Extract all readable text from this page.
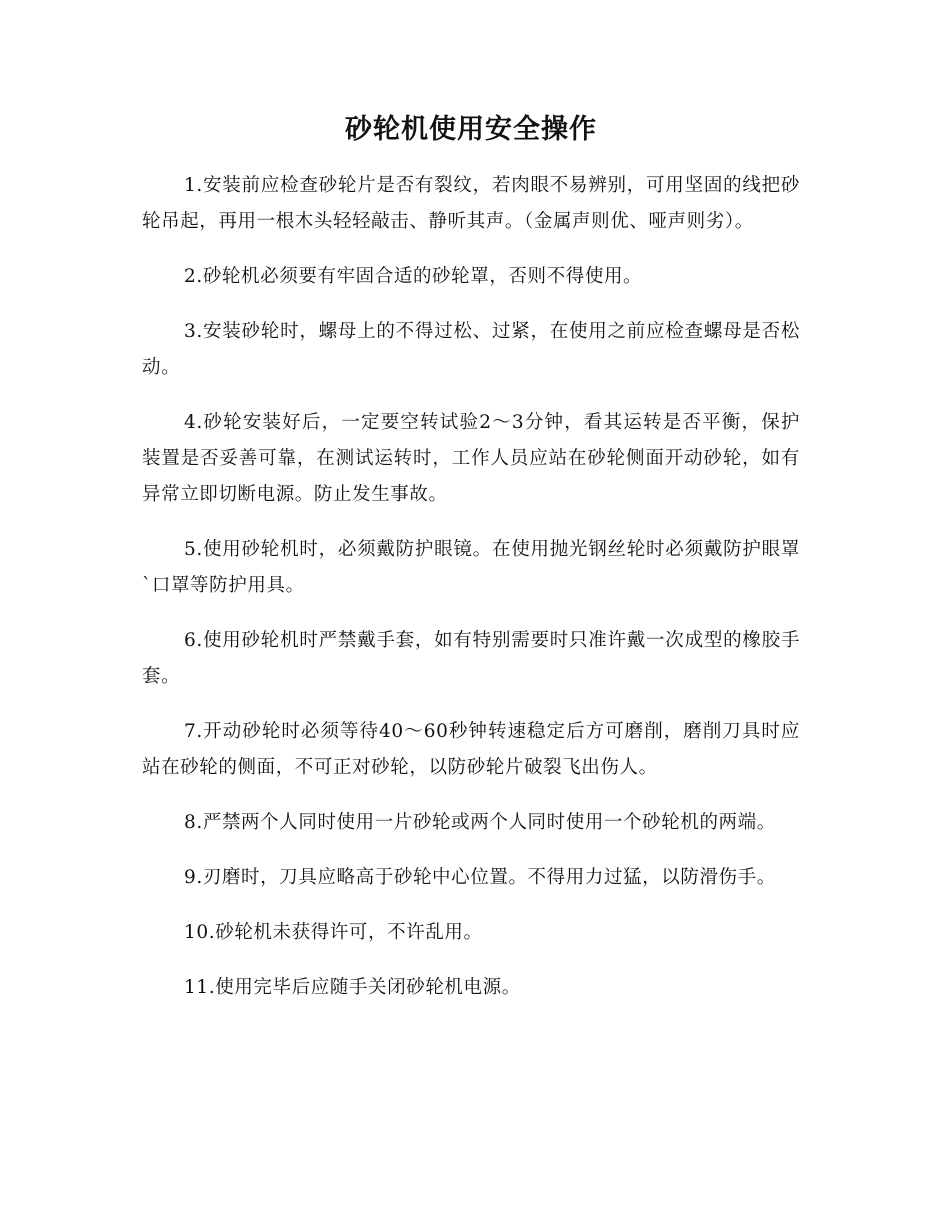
砂轮机使用安全操作

1.安装前应检查砂轮片是否有裂纹，若肉眼不易辨别，可用坚固的线把砂轮吊起，再用一根木头轻轻敲击、静听其声。（金属声则优、哑声则劣）。

2.砂轮机必须要有牢固合适的砂轮罩，否则不得使用。

3.安装砂轮时，螺母上的不得过松、过紧，在使用之前应检查螺母是否松动。

4.砂轮安装好后，一定要空转试验2～3分钟，看其运转是否平衡，保护装置是否妥善可靠，在测试运转时，工作人员应站在砂轮侧面开动砂轮，如有异常立即切断电源。防止发生事故。

5.使用砂轮机时，必须戴防护眼镜。在使用抛光钢丝轮时必须戴防护眼罩`口罩等防护用具。

6.使用砂轮机时严禁戴手套，如有特别需要时只准许戴一次成型的橡胶手套。

7.开动砂轮时必须等待40～60秒钟转速稳定后方可磨削，磨削刀具时应站在砂轮的侧面，不可正对砂轮，以防砂轮片破裂飞出伤人。

8.严禁两个人同时使用一片砂轮或两个人同时使用一个砂轮机的两端。

9.刃磨时，刀具应略高于砂轮中心位置。不得用力过猛，以防滑伤手。

10.砂轮机未获得许可，不许乱用。

11.使用完毕后应随手关闭砂轮机电源。
